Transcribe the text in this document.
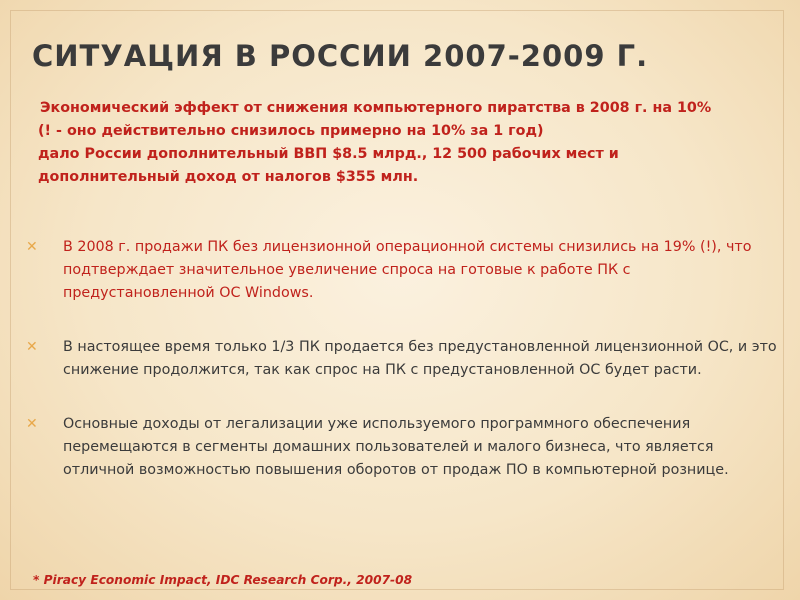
СИТУАЦИЯ В РОССИИ 2007-2009 Г.
Экономический эффект от снижения компьютерного пиратства в 2008 г. на 10%
(! - оно действительно снизилось примерно на 10% за 1 год)
дало России дополнительный ВВП $8.5 млрд., 12 500 рабочих мест и
дополнительный доход от налогов $355 млн.
✕ В 2008 г. продажи ПК без лицензионной операционной системы снизились на 19% (!), что подтверждает значительное увеличение спроса на готовые к работе ПК с предустановленной ОС Windows.
✕ В настоящее время только 1/3 ПК продается без предустановленной лицензионной ОС, и это снижение продолжится, так как спрос на ПК с предустановленной ОС будет расти.
✕ Основные доходы от легализации уже используемого программного обеспечения перемещаются в сегменты домашних пользователей и малого бизнеса, что является отличной возможностью повышения оборотов от продаж ПО в компьютерной рознице.
* Piracy Economic Impact, IDC Research Corp., 2007-08
